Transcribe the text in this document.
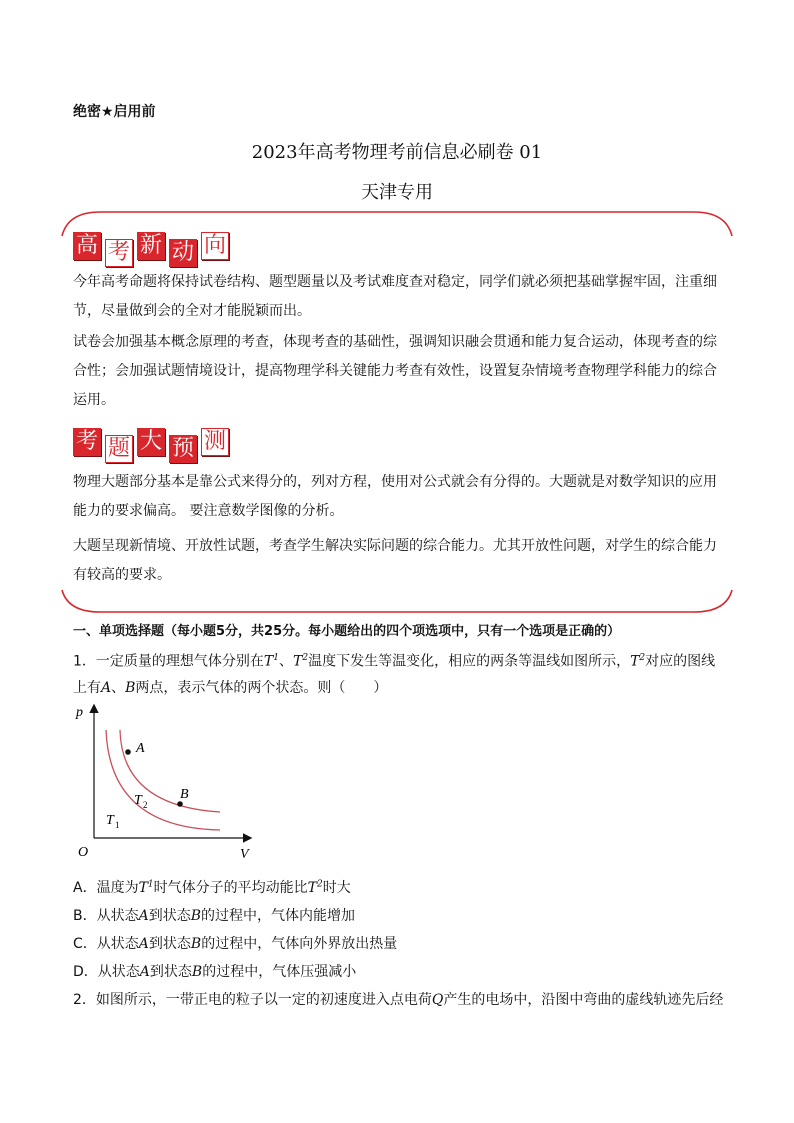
绝密★启用前
2023年高考物理考前信息必刷卷 01
天津专用
高 考 新 动 向
今年高考命题将保持试卷结构、题型题量以及考试难度查对稳定，同学们就必须把基础掌握牢固，注重细节，尽量做到会的全对才能脱颖而出。
试卷会加强基本概念原理的考查，体现考查的基础性，强调知识融会贯通和能力复合运动，体现考查的综合性；会加强试题情境设计，提高物理学科关键能力考查有效性，设置复杂情境考查物理学科能力的综合运用。
考 题 大 预 测
物理大题部分基本是靠公式来得分的，列对方程，使用对公式就会有分得的。大题就是对数学知识的应用能力的要求偏高。 要注意数学图像的分析。
大题呈现新情境、开放性试题，考查学生解决实际问题的综合能力。尤其开放性问题，对学生的综合能力有较高的要求。
一、单项选择题（每小题5分，共25分。每小题给出的四个项选项中，只有一个选项是正确的）
1．一定质量的理想气体分别在$T^1$、$T^2$温度下发生等温变化，相应的两条等温线如图所示，$T^2$对应的图线上有A、B两点，表示气体的两个状态。则（　　）
p
V
O
A
B
T 2
T 1
A．温度为$T^1$时气体分子的平均动能比$T^2$时大
B．从状态A到状态B的过程中，气体内能增加
C．从状态A到状态B的过程中，气体向外界放出热量
D．从状态A到状态B的过程中，气体压强减小
2．如图所示，一带正电的粒子以一定的初速度进入点电荷Q产生的电场中，沿图中弯曲的虚线轨迹先后经
